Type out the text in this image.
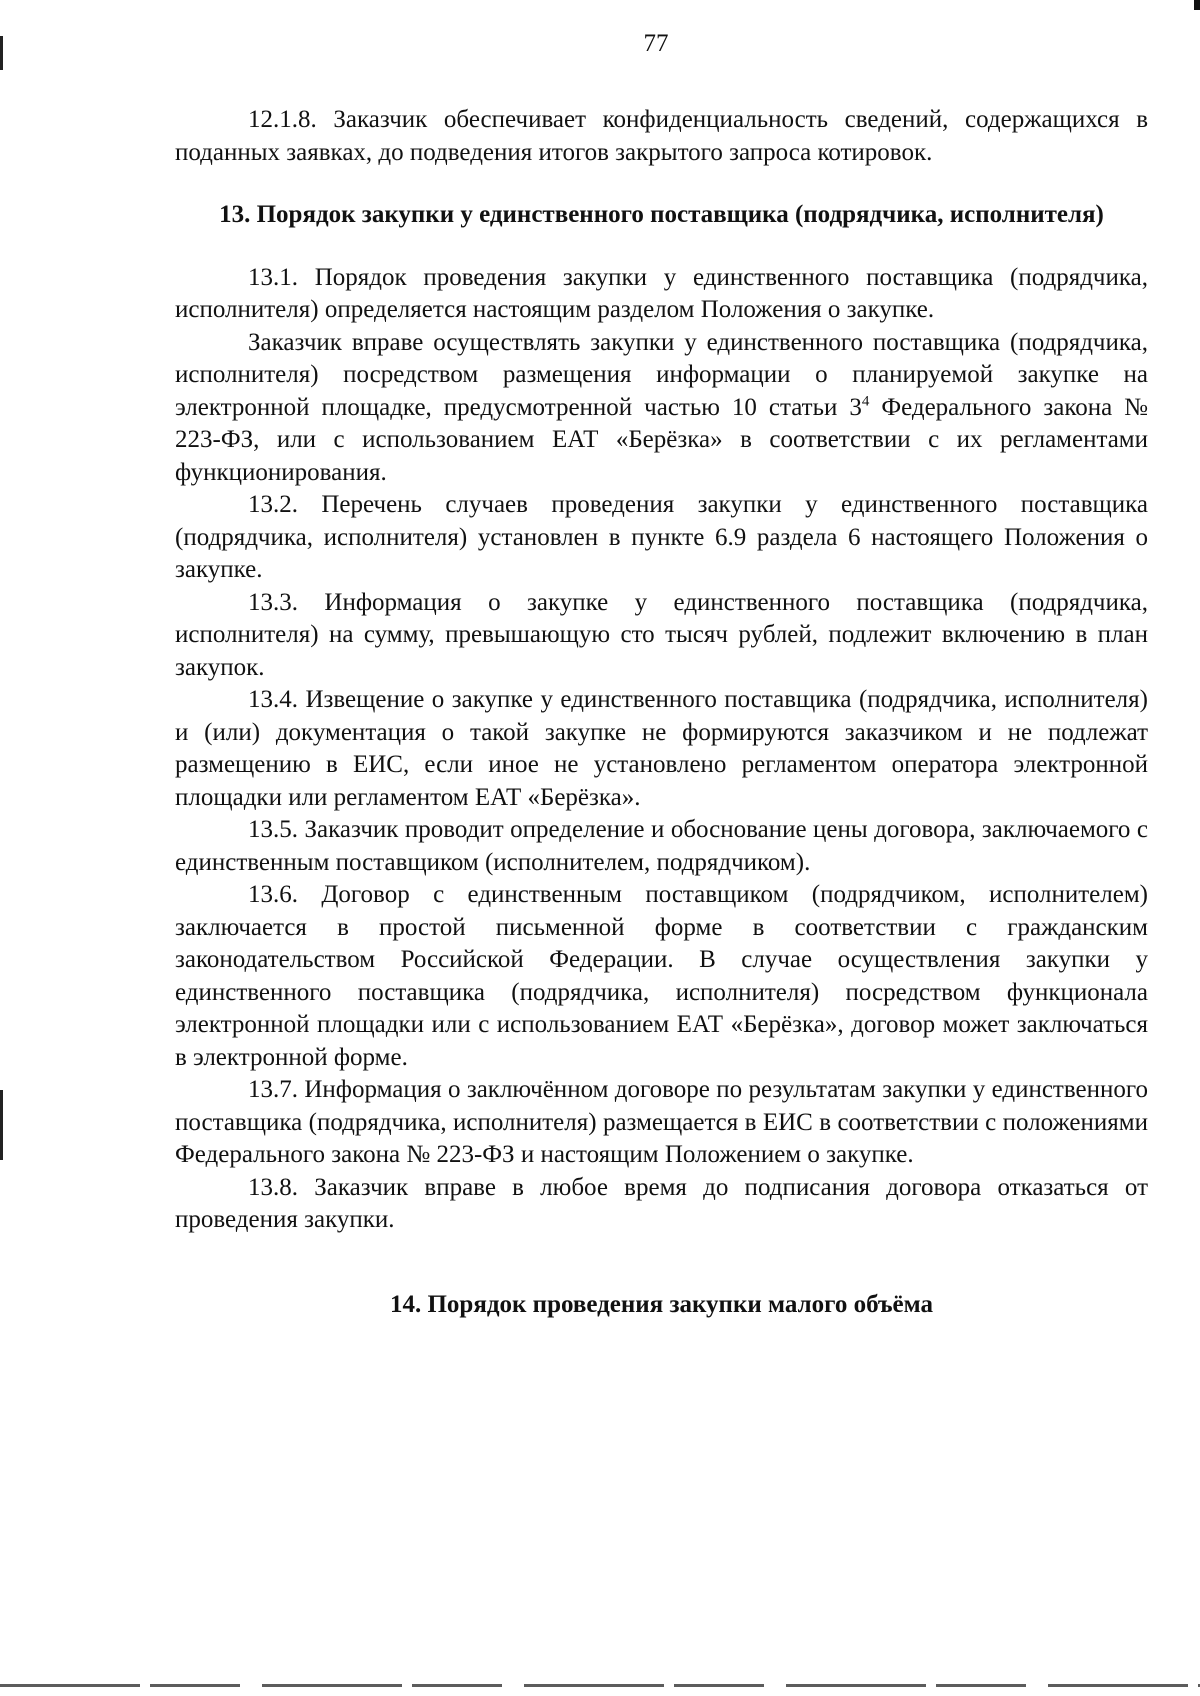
77

12.1.8. Заказчик обеспечивает конфиденциальность сведений, содержащихся в поданных заявках, до подведения итогов закрытого запроса котировок.

13. Порядок закупки у единственного поставщика (подрядчика, исполнителя)

13.1. Порядок проведения закупки у единственного поставщика (подрядчика, исполнителя) определяется настоящим разделом Положения о закупке.

Заказчик вправе осуществлять закупки у единственного поставщика (подрядчика, исполнителя) посредством размещения информации о планируемой закупке на электронной площадке, предусмотренной частью 10 статьи $3^4$ Федерального закона № 223-ФЗ, или с использованием ЕАТ «Берёзка» в соответствии с их регламентами функционирования.

13.2. Перечень случаев проведения закупки у единственного поставщика (подрядчика, исполнителя) установлен в пункте 6.9 раздела 6 настоящего Положения о закупке.

13.3. Информация о закупке у единственного поставщика (подрядчика, исполнителя) на сумму, превышающую сто тысяч рублей, подлежит включению в план закупок.

13.4. Извещение о закупке у единственного поставщика (подрядчика, исполнителя) и (или) документация о такой закупке не формируются заказчиком и не подлежат размещению в ЕИС, если иное не установлено регламентом оператора электронной площадки или регламентом ЕАТ «Берёзка».

13.5. Заказчик проводит определение и обоснование цены договора, заключаемого с единственным поставщиком (исполнителем, подрядчиком).

13.6. Договор с единственным поставщиком (подрядчиком, исполнителем) заключается в простой письменной форме в соответствии с гражданским законодательством Российской Федерации. В случае осуществления закупки у единственного поставщика (подрядчика, исполнителя) посредством функционала электронной площадки или с использованием ЕАТ «Берёзка», договор может заключаться в электронной форме.

13.7. Информация о заключённом договоре по результатам закупки у единственного поставщика (подрядчика, исполнителя) размещается в ЕИС в соответствии с положениями Федерального закона № 223-ФЗ и настоящим Положением о закупке.

13.8. Заказчик вправе в любое время до подписания договора отказаться от проведения закупки.

14. Порядок проведения закупки малого объёма
